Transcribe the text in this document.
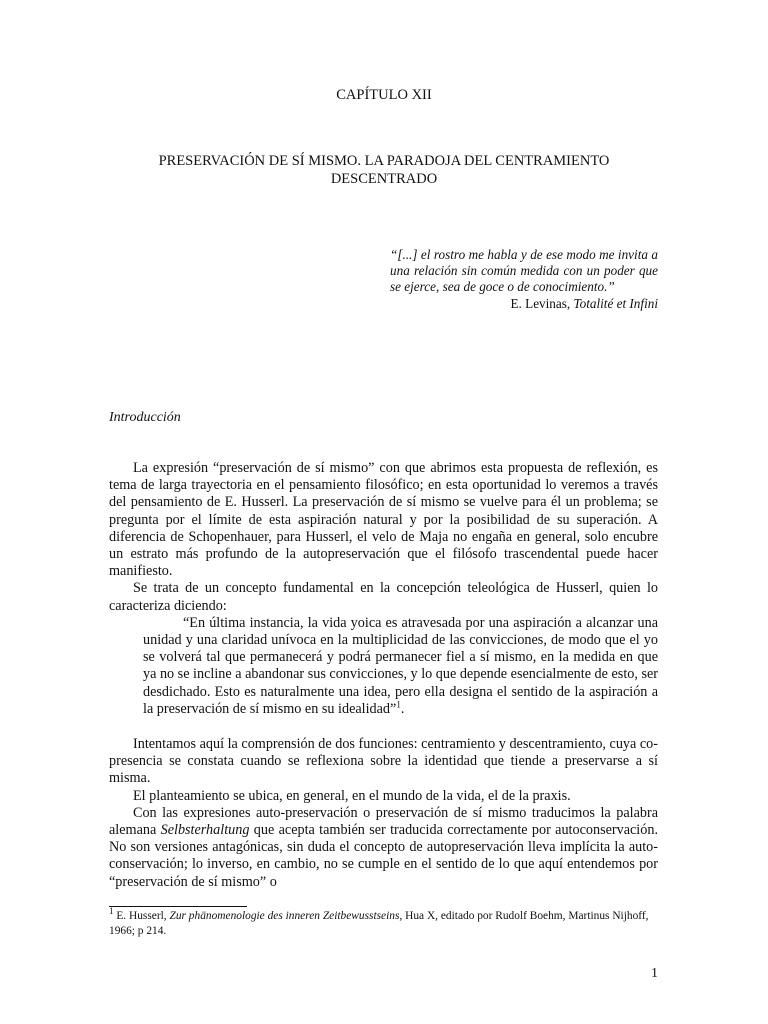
CAPÍTULO XII
PRESERVACIÓN DE SÍ MISMO. LA PARADOJA DEL CENTRAMIENTO DESCENTRADO

“[...] el rostro me habla y de ese modo me invita a una relación sin común medida con un poder que se ejerce, sea de goce o de conocimiento.”

E. Levinas, Totalité et Infini

Introducción

La expresión “preservación de sí mismo” con que abrimos esta propuesta de reflexión, es tema de larga trayectoria en el pensamiento filosófico; en esta oportunidad lo veremos a través del pensamiento de E. Husserl. La preservación de sí mismo se vuelve para él un problema; se pregunta por el límite de esta aspiración natural y por la posibilidad de su superación. A diferencia de Schopenhauer, para Husserl, el velo de Maja no engaña en general, solo encubre un estrato más profundo de la autopreservación que el filósofo trascendental puede hacer manifiesto.

Se trata de un concepto fundamental en la concepción teleológica de Husserl, quien lo caracteriza diciendo:

“En última instancia, la vida yoica es atravesada por una aspiración a alcanzar una unidad y una claridad unívoca en la multiplicidad de las convicciones, de modo que el yo se volverá tal que permanecerá y podrá permanecer fiel a sí mismo, en la medida en que ya no se incline a abandonar sus convicciones, y lo que depende esencialmente de esto, ser desdichado. Esto es naturalmente una idea, pero ella designa el sentido de la aspiración a la preservación de sí mismo en su idealidad”$^1$.

Intentamos aquí la comprensión de dos funciones: centramiento y descentramiento, cuya co-presencia se constata cuando se reflexiona sobre la identidad que tiende a preservarse a sí misma.

El planteamiento se ubica, en general, en el mundo de la vida, el de la praxis.

Con las expresiones auto-preservación o preservación de sí mismo traducimos la palabra alemana Selbsterhaltung que acepta también ser traducida correctamente por autoconservación. No son versiones antagónicas, sin duda el concepto de autopreservación lleva implícita la auto-conservación; lo inverso, en cambio, no se cumple en el sentido de lo que aquí entendemos por “preservación de sí mismo” o

$^1$ E. Husserl, Zur phänomenologie des inneren Zeitbewusstseins, Hua X, editado por Rudolf Boehm, Martinus Nijhoff, 1966; p 214.
1
